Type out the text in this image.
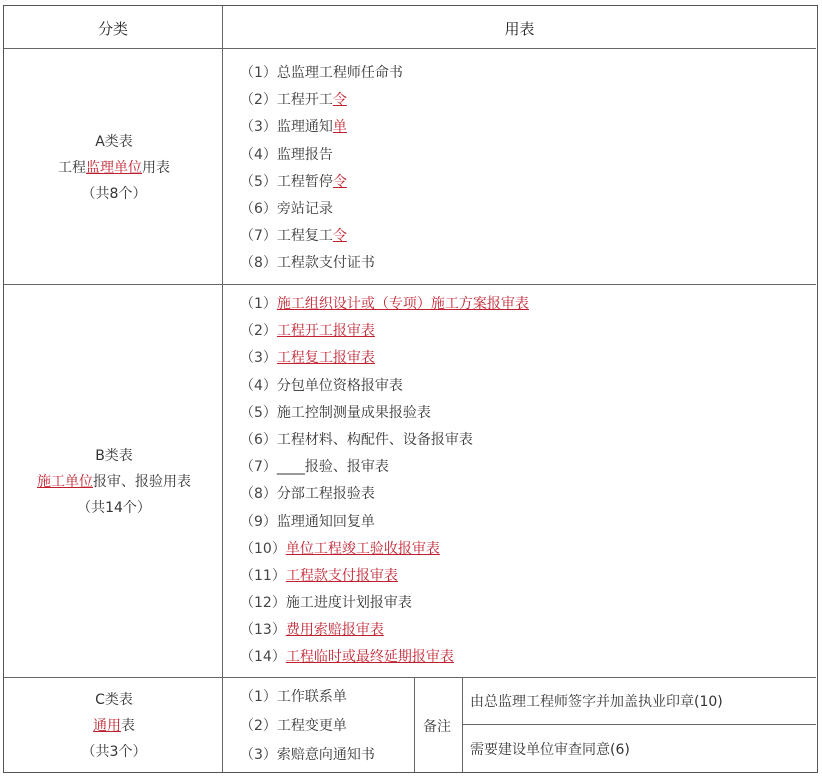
分类	用表
A类表
工程监理单位用表
（共8个）
（1）总监理工程师任命书
（2）工程开工令
（3）监理通知单
（4）监理报告
（5）工程暂停令
（6）旁站记录
（7）工程复工令
（8）工程款支付证书
B类表
施工单位报审、报验用表
（共14个）
（1）施工组织设计或（专项）施工方案报审表
（2）工程开工报审表
（3）工程复工报审表
（4）分包单位资格报审表
（5）施工控制测量成果报验表
（6）工程材料、构配件、设备报审表
（7）____报验、报审表
（8）分部工程报验表
（9）监理通知回复单
（10）单位工程竣工验收报审表
（11）工程款支付报审表
（12）施工进度计划报审表
（13）费用索赔报审表
（14）工程临时或最终延期报审表
C类表
通用表
（共3个）
（1）工作联系单
（2）工程变更单
（3）索赔意向通知书
备注
由总监理工程师签字并加盖执业印章(10)
需要建设单位审查同意(6)
